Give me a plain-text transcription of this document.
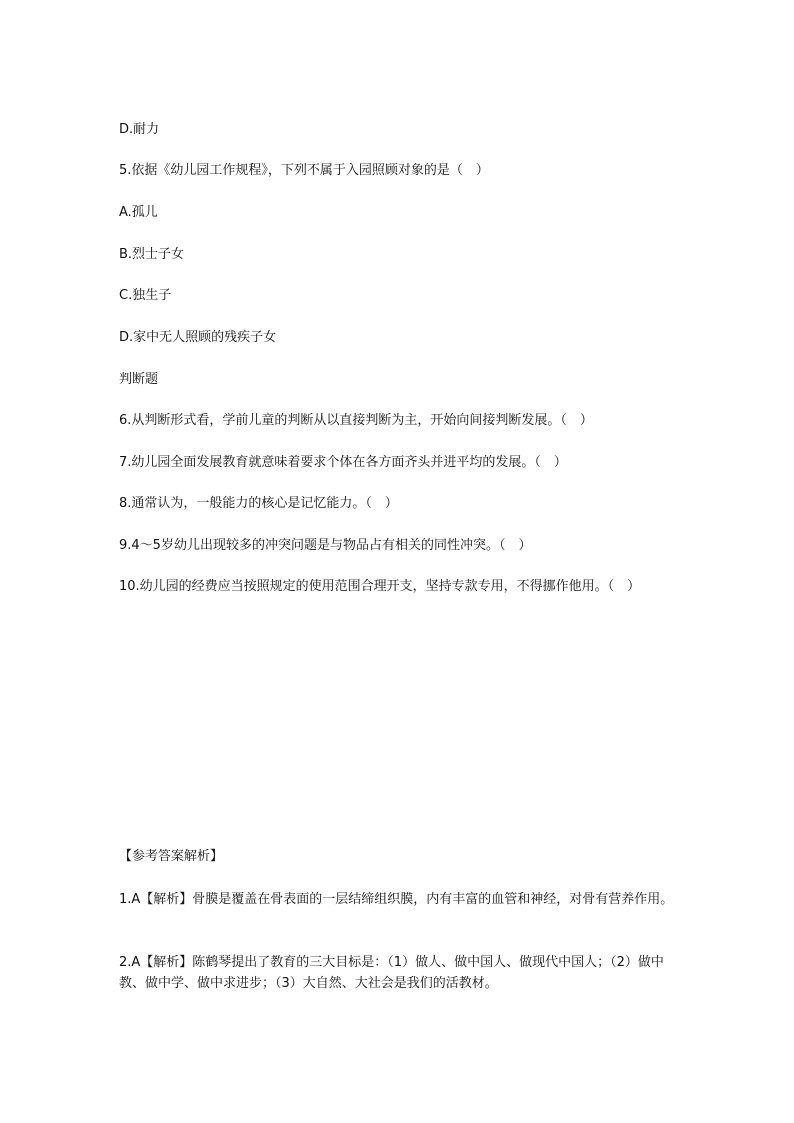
D.耐力
5.依据《幼儿园工作规程》，下列不属于入园照顾对象的是（　）
A.孤儿
B.烈士子女
C.独生子
D.家中无人照顾的残疾子女
判断题
6.从判断形式看，学前儿童的判断从以直接判断为主，开始向间接判断发展。（　）
7.幼儿园全面发展教育就意味着要求个体在各方面齐头并进平均的发展。（　）
8.通常认为，一般能力的核心是记忆能力。（　）
9.4～5岁幼儿出现较多的冲突问题是与物品占有相关的同性冲突。（　）
10.幼儿园的经费应当按照规定的使用范围合理开支，坚持专款专用，不得挪作他用。（　）
【参考答案解析】
1.A【解析】骨膜是覆盖在骨表面的一层结缔组织膜，内有丰富的血管和神经，对骨有营养作用。
2.A【解析】陈鹤琴提出了教育的三大目标是：（1）做人、做中国人、做现代中国人；（2）做中教、做中学、做中求进步；（3）大自然、大社会是我们的活教材。
